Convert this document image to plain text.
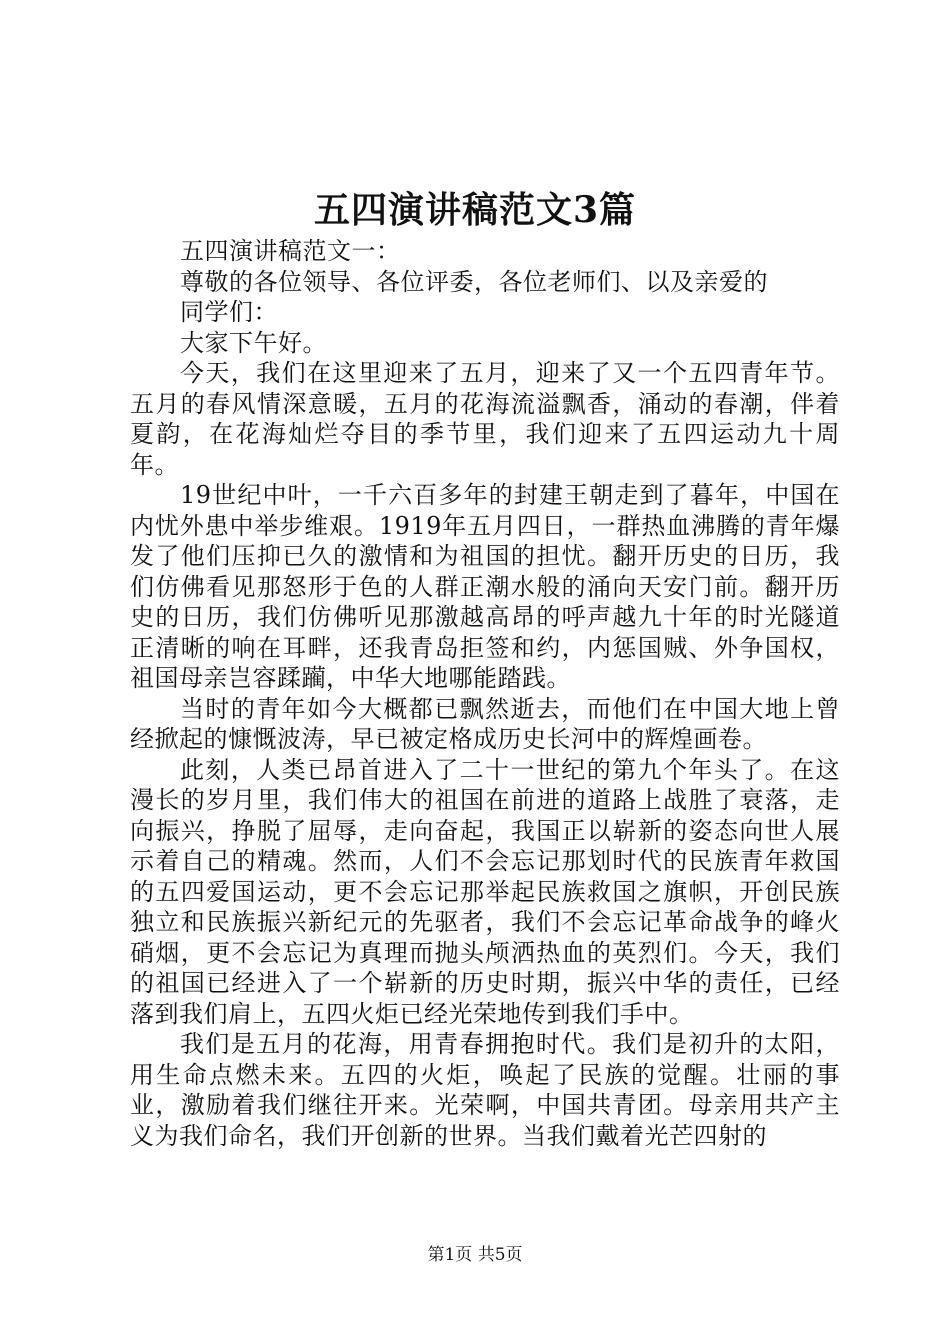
五四演讲稿范文3篇

五四演讲稿范文一：

尊敬的各位领导、各位评委，各位老师们、以及亲爱的

同学们：

大家下午好。

今天，我们在这里迎来了五月，迎来了又一个五四青年节。五月的春风情深意暖，五月的花海流溢飘香，涌动的春潮，伴着夏韵，在花海灿烂夺目的季节里，我们迎来了五四运动九十周年。

19世纪中叶，一千六百多年的封建王朝走到了暮年，中国在内忧外患中举步维艰。1919年五月四日，一群热血沸腾的青年爆发了他们压抑已久的激情和为祖国的担忧。翻开历史的日历，我们仿佛看见那怒形于色的人群正潮水般的涌向天安门前。翻开历史的日历，我们仿佛听见那激越高昂的呼声越九十年的时光隧道正清晰的响在耳畔，还我青岛拒签和约，内惩国贼、外争国权，祖国母亲岂容蹂躏，中华大地哪能踏践。

当时的青年如今大概都已飘然逝去，而他们在中国大地上曾经掀起的慷慨波涛，早已被定格成历史长河中的辉煌画卷。

此刻，人类已昂首进入了二十一世纪的第九个年头了。在这漫长的岁月里，我们伟大的祖国在前进的道路上战胜了衰落，走向振兴，挣脱了屈辱，走向奋起，我国正以崭新的姿态向世人展示着自己的精魂。然而，人们不会忘记那划时代的民族青年救国的五四爱国运动，更不会忘记那举起民族救国之旗帜，开创民族独立和民族振兴新纪元的先驱者，我们不会忘记革命战争的峰火硝烟，更不会忘记为真理而抛头颅洒热血的英烈们。今天，我们的祖国已经进入了一个崭新的历史时期，振兴中华的责任，已经落到我们肩上，五四火炬已经光荣地传到我们手中。

我们是五月的花海，用青春拥抱时代。我们是初升的太阳，用生命点燃未来。五四的火炬，唤起了民族的觉醒。壮丽的事业，激励着我们继往开来。光荣啊，中国共青团。母亲用共产主义为我们命名，我们开创新的世界。当我们戴着光芒四射的

第1页 共5页
